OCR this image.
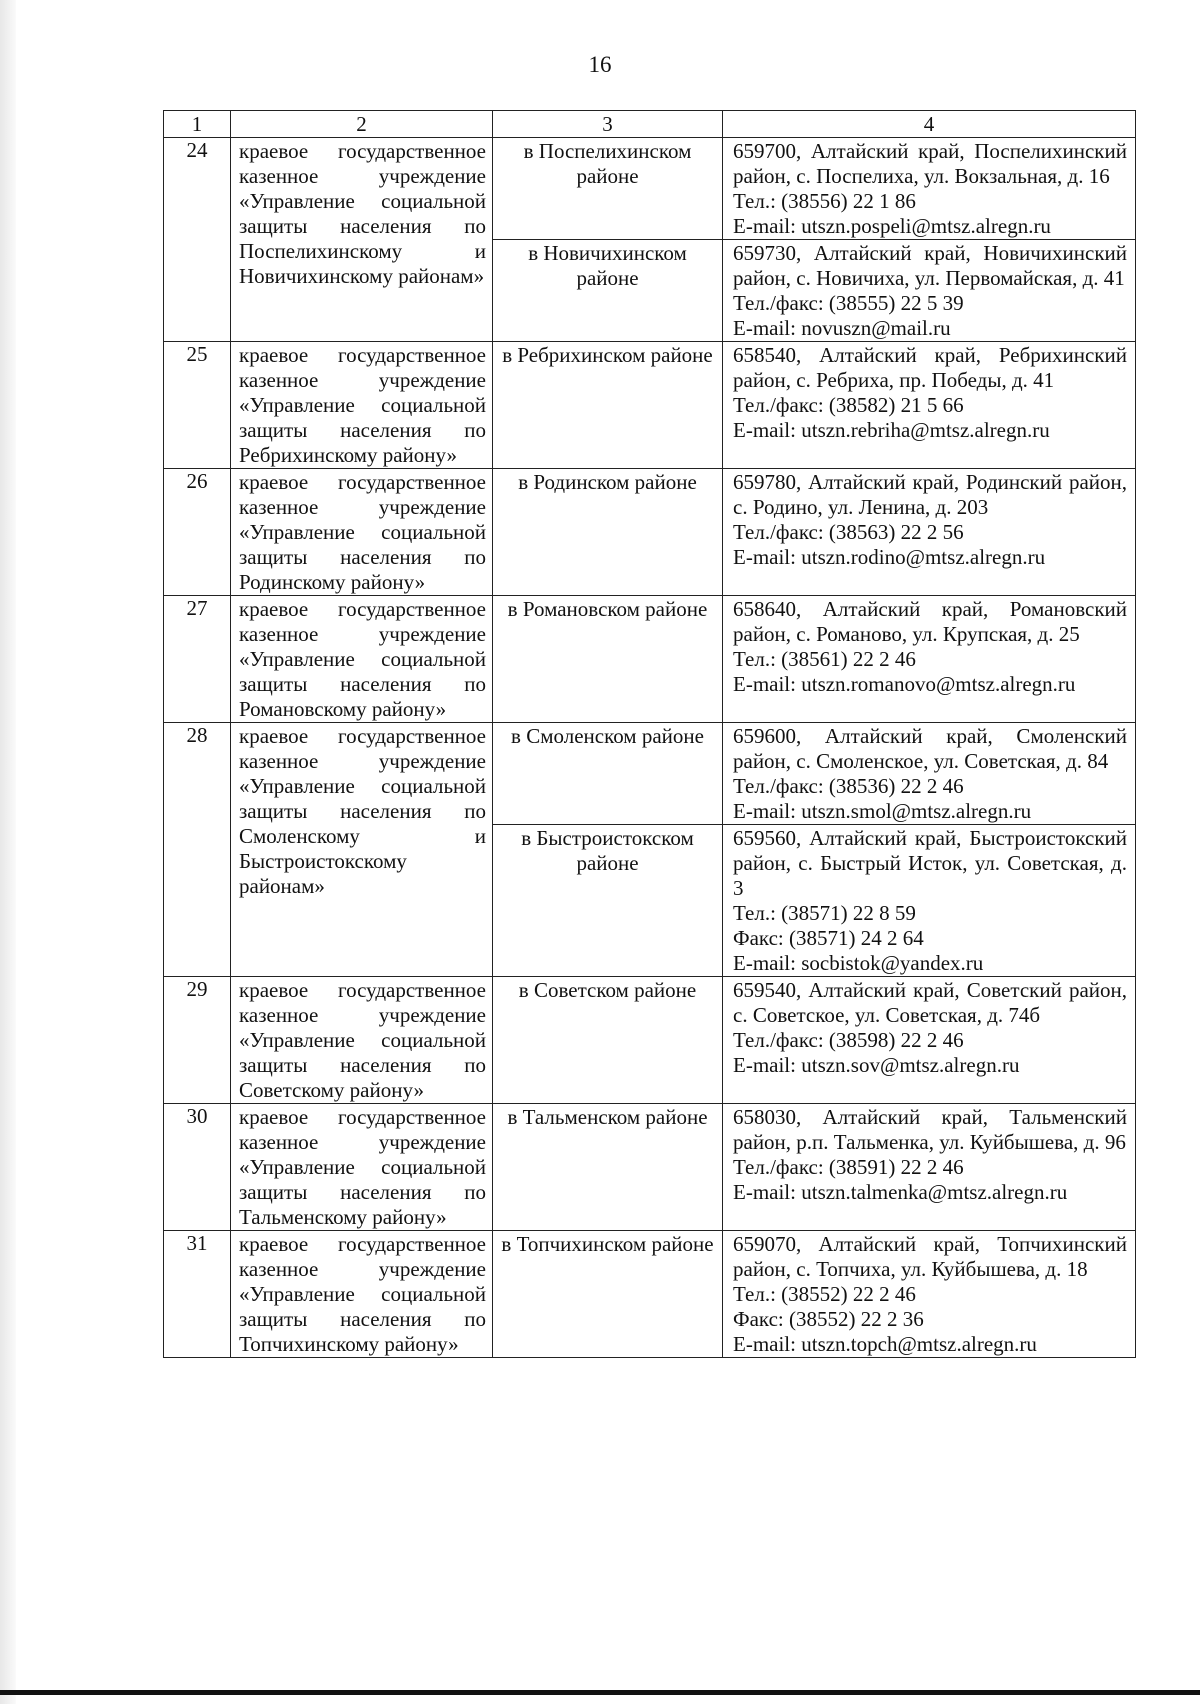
16
1	2	3	4
24	краевое государственное казенное учреждение «Управление социальной защиты населения по Поспелихинскому и Новичихинскому районам»	в Поспелихинском районе	659700, Алтайский край, Поспелихинский район, с. Поспелиха, ул. Вокзальная, д. 16
Тел.: (38556) 22 1 86
E-mail: utszn.pospeli@mtsz.alregn.ru

		в Новичихинском районе	659730, Алтайский край, Новичихинский район, с. Новичиха, ул. Первомайская, д. 41
Тел./факс: (38555) 22 5 39
E-mail: novuszn@mail.ru

25	краевое государственное казенное учреждение «Управление социальной защиты населения по Ребрихинскому району»	в Ребрихинском районе	658540, Алтайский край, Ребрихинский район, с. Ребриха, пр. Победы, д. 41
Тел./факс: (38582) 21 5 66
E-mail: utszn.rebriha@mtsz.alregn.ru

26	краевое государственное казенное учреждение «Управление социальной защиты населения по Родинскому району»	в Родинском районе	659780, Алтайский край, Родинский район, с. Родино, ул. Ленина, д. 203
Тел./факс: (38563) 22 2 56
E-mail: utszn.rodino@mtsz.alregn.ru

27	краевое государственное казенное учреждение «Управление социальной защиты населения по Романовскому району»	в Романовском районе	658640, Алтайский край, Романовский район, с. Романово, ул. Крупская, д. 25
Тел.: (38561) 22 2 46
E-mail: utszn.romanovo@mtsz.alregn.ru

28	краевое государственное казенное учреждение «Управление социальной защиты населения по Смоленскому и Быстроистокскому районам»	в Смоленском районе	659600, Алтайский край, Смоленский район, с. Смоленское, ул. Советская, д. 84
Тел./факс: (38536) 22 2 46
E-mail: utszn.smol@mtsz.alregn.ru

		в Быстроистокском районе	659560, Алтайский край, Быстроистокский район, с. Быстрый Исток, ул. Советская, д. 3
Тел.: (38571) 22 8 59
Факс: (38571) 24 2 64
E-mail: socbistok@yandex.ru

29	краевое государственное казенное учреждение «Управление социальной защиты населения по Советскому району»	в Советском районе	659540, Алтайский край, Советский район, с. Советское, ул. Советская, д. 74б
Тел./факс: (38598) 22 2 46
E-mail: utszn.sov@mtsz.alregn.ru

30	краевое государственное казенное учреждение «Управление социальной защиты населения по Тальменскому району»	в Тальменском районе	658030, Алтайский край, Тальменский район, р.п. Тальменка, ул. Куйбышева, д. 96
Тел./факс: (38591) 22 2 46
E-mail: utszn.talmenka@mtsz.alregn.ru

31	краевое государственное казенное учреждение «Управление социальной защиты населения по Топчихинскому району»	в Топчихинском районе	659070, Алтайский край, Топчихинский район, с. Топчиха, ул. Куйбышева, д. 18
Тел.: (38552) 22 2 46
Факс: (38552) 22 2 36
E-mail: utszn.topch@mtsz.alregn.ru
